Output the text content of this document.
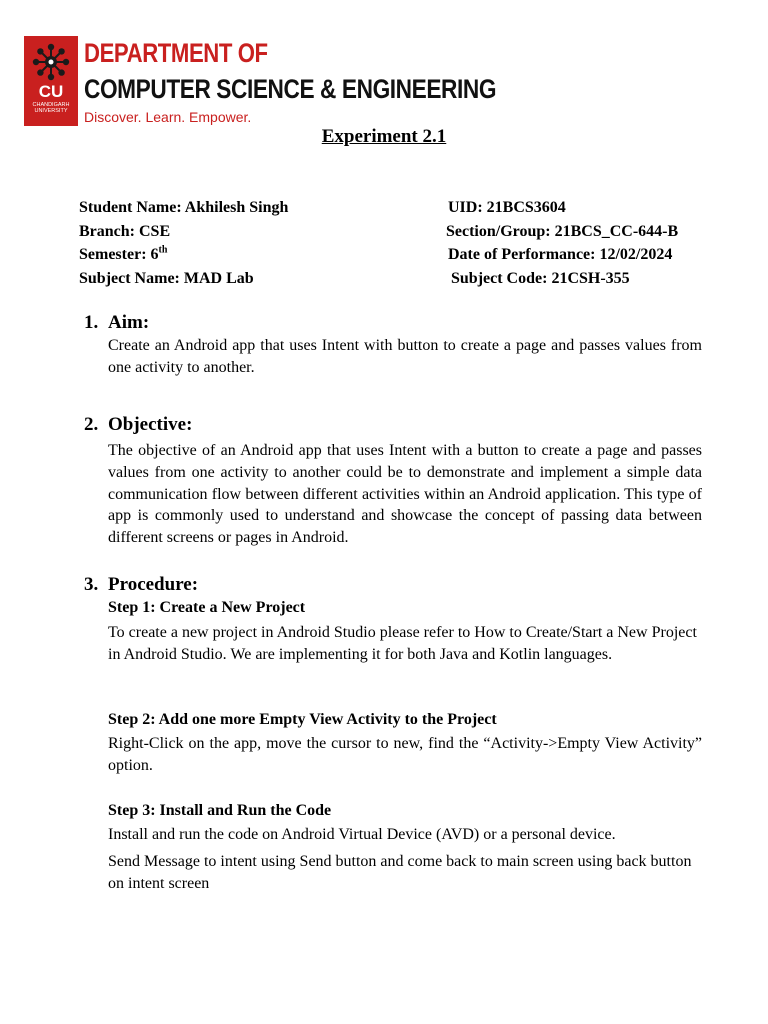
CU
CHANDIGARH
UNIVERSITY
DEPARTMENT OF
COMPUTER SCIENCE & ENGINEERING
Discover. Learn. Empower.
Experiment 2.1
Student Name: Akhilesh Singh	UID: 21BCS3604
Branch: CSE	Section/Group: 21BCS_CC-644-B
Semester: 6th	Date of Performance: 12/02/2024
Subject Name: MAD Lab	Subject Code: 21CSH-355
1. Aim:
Create an Android app that uses Intent with button to create a page and passes values from one activity to another.
2. Objective:
The objective of an Android app that uses Intent with a button to create a page and passes values from one activity to another could be to demonstrate and implement a simple data communication flow between different activities within an Android application. This type of app is commonly used to understand and showcase the concept of passing data between different screens or pages in Android.
3. Procedure:
Step 1: Create a New Project
To create a new project in Android Studio please refer to How to Create/Start a New Project in Android Studio. We are implementing it for both Java and Kotlin languages.
Step 2: Add one more Empty View Activity to the Project
Right-Click on the app, move the cursor to new, find the “Activity->Empty View Activity” option.
Step 3: Install and Run the Code
Install and run the code on Android Virtual Device (AVD) or a personal device.
Send Message to intent using Send button and come back to main screen using back button on intent screen
